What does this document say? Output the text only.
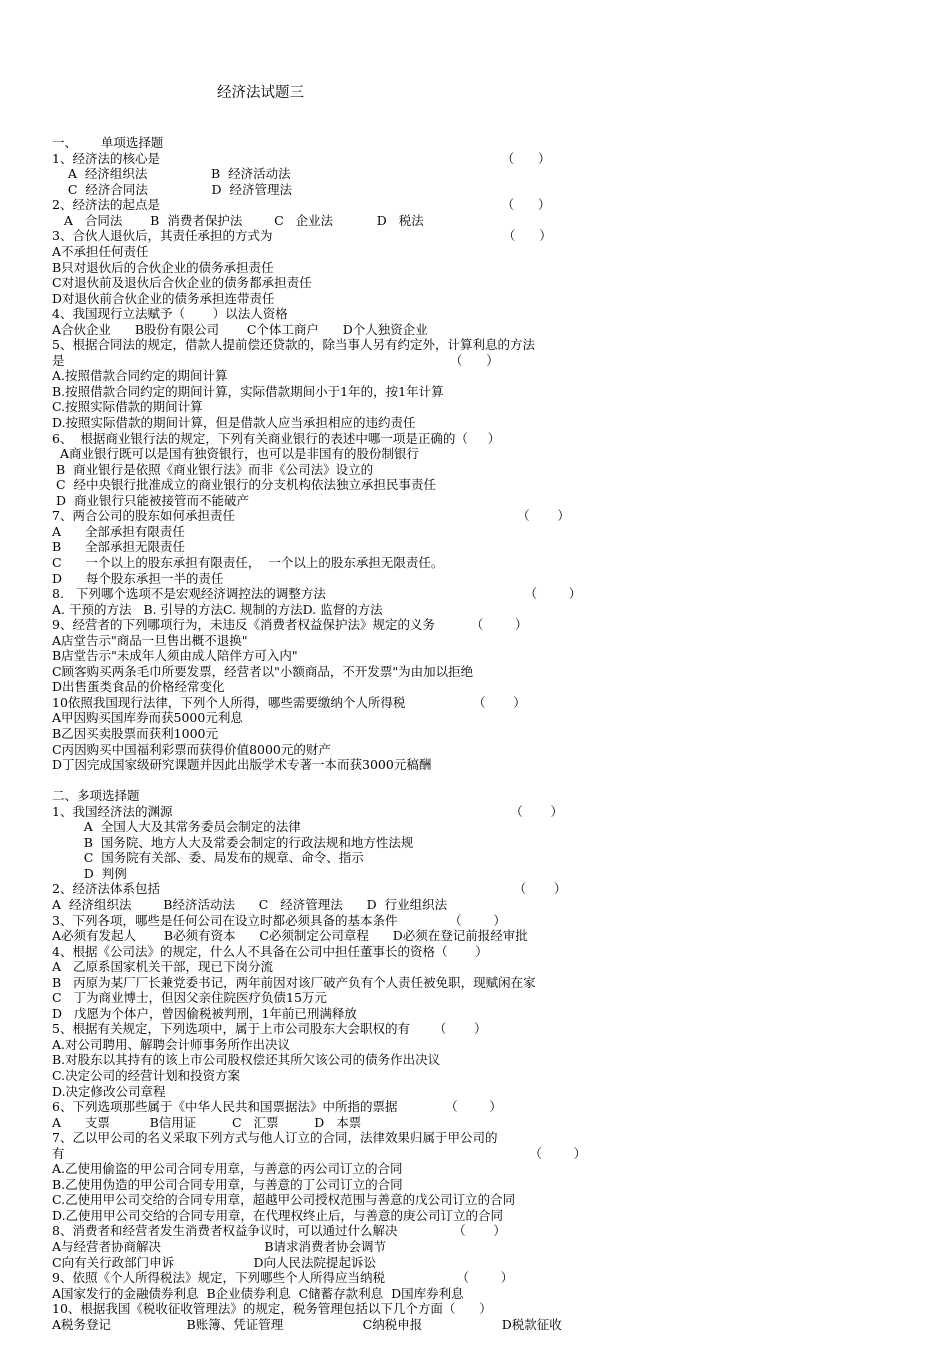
经济法试题三

一、      单项选择题
1、经济法的核心是                                                                                      （      ）
A  经济组织法                B  经济活动法
C  经济合同法                D  经济管理法
2、经济法的起点是                                                                                      （      ）
A   合同法       B  消费者保护法        C   企业法           D   税法
3、合伙人退伙后，其责任承担的方式为                                                          （      ）
A不承担任何责任
B只对退伙后的合伙企业的债务承担责任
C对退伙前及退伙后合伙企业的债务都承担责任
D对退伙前合伙企业的债务承担连带责任
4、我国现行立法赋予（       ）以法人资格
A合伙企业      B股份有限公司       C个体工商户      D个人独资企业
5、根据合同法的规定，借款人提前偿还贷款的，除当事人另有约定外，计算利息的方法
是                                                                                                 （      ）
A.按照借款合同约定的期间计算
B.按照借款合同约定的期间计算，实际借款期间小于1年的，按1年计算
C.按照实际借款的期间计算
D.按照实际借款的期间计算，但是借款人应当承担相应的违约责任
6、  根据商业银行法的规定，下列有关商业银行的表述中哪一项是正确的（     ）
A商业银行既可以是国有独资银行，也可以是非国有的股份制银行
B  商业银行是依照《商业银行法》而非《公司法》设立的
C  经中央银行批准成立的商业银行的分支机构依法独立承担民事责任
D  商业银行只能被接管而不能破产
7、两合公司的股东如何承担责任                                                                       （       ）
A      全部承担有限责任
B      全部承担无限责任
C      一个以上的股东承担有限责任，  一个以上的股东承担无限责任。
D      每个股东承担一半的责任
8.   下列哪个选项不是宏观经济调控法的调整方法                                                  （        ）
A. 干预的方法   B. 引导的方法C. 规制的方法D. 监督的方法
9、经营者的下列哪项行为，未违反《消费者权益保护法》规定的义务         （        ）
A店堂告示"商品一旦售出概不退换"
B店堂告示"未成年人须由成人陪伴方可入内"
C顾客购买两条毛巾所要发票，经营者以"小额商品，不开发票"为由加以拒绝
D出售蛋类食品的价格经常变化
10依照我国现行法律，下列个人所得，哪些需要缴纳个人所得税                 （       ）
A甲因购买国库券而获5000元利息
B乙因买卖股票而获利1000元
C丙因购买中国福利彩票而获得价值8000元的财产
D丁因完成国家级研究课题并因此出版学术专著一本而获3000元稿酬
二、多项选择题
1、我国经济法的渊源                                                                                     （       ）
A  全国人大及其常务委员会制定的法律
B  国务院、地方人大及常委会制定的行政法规和地方性法规
C  国务院有关部、委、局发布的规章、命令、指示
D  判例
2、经济法体系包括                                                                                         （       ）
A  经济组织法        B经济活动法      C   经济管理法      D  行业组织法
3、下列各项，哪些是任何公司在设立时都必须具备的基本条件             （        ）
A必须有发起人       B必须有资本      C必须制定公司章程      D必须在登记前报经审批
4、根据《公司法》的规定，什么人不具备在公司中担任董事长的资格（       ）
A   乙原系国家机关干部，现已下岗分流
B   丙原为某厂厂长兼党委书记，两年前因对该厂破产负有个人责任被免职，现赋闲在家
C   丁为商业博士，但因父亲住院医疗负债15万元
D   戊愿为个体户，曾因偷税被判刑，1年前已刑满释放
5、根据有关规定，下列选项中，属于上市公司股东大会职权的有      （       ）
A.对公司聘用、解聘会计师事务所作出决议
B.对股东以其持有的该上市公司股权偿还其所欠该公司的债务作出决议
C.决定公司的经营计划和投资方案
D.决定修改公司章程
6、下列选项那些属于《中华人民共和国票据法》中所指的票据            （        ）
A      支票          B信用证         C   汇票         D   本票
7、乙以甲公司的名义采取下列方式与他人订立的合同，法律效果归属于甲公司的
有                                                                                                                     （        ）
A.乙使用偷盗的甲公司合同专用章，与善意的丙公司订立的合同
B.乙使用伪造的甲公司合同专用章，与善意的丁公司订立的合同
C.乙使用甲公司交给的合同专用章，超越甲公司授权范围与善意的戊公司订立的合同
D.乙使用甲公司交给的合同专用章，在代理权终止后，与善意的庚公司订立的合同
8、消费者和经营者发生消费者权益争议时，可以通过什么解决              （       ）
A与经营者协商解决                          B请求消费者协会调节
C向有关行政部门申诉                    D向人民法院提起诉讼
9、依照《个人所得税法》规定，下列哪些个人所得应当纳税                  （        ）
A国家发行的金融债券利息  B企业债券利息  C储蓄存款利息  D国库券利息
10、根据我国《税收征收管理法》的规定，税务管理包括以下几个方面（      ）
A税务登记                   B账簿、凭证管理                    C纳税申报                    D税款征收
